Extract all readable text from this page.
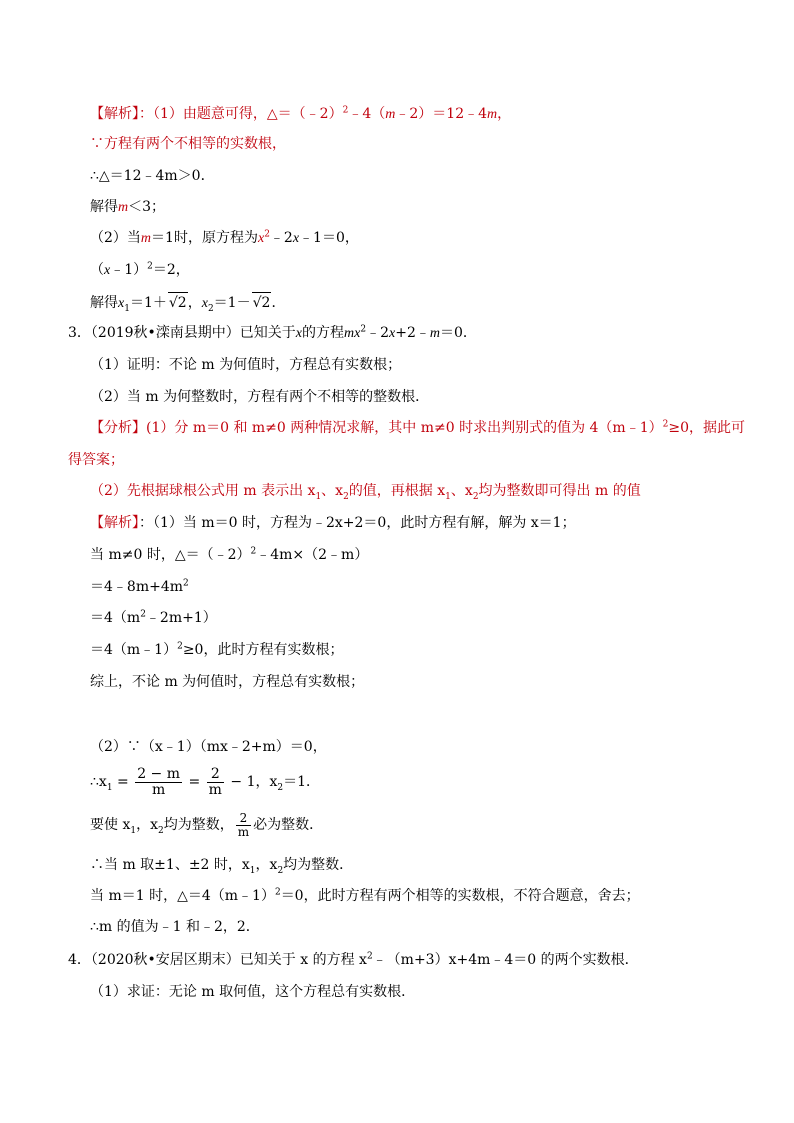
【解析】：（1）由题意可得，△＝（﹣2）$^2$﹣4（m﹣2）＝12﹣4m，
∵方程有两个不相等的实数根，
∴△＝12﹣4m＞0．
解得m＜3；
（2）当m＝1时，原方程为$x^2﹣2x﹣1=0$，
（x﹣1）$^2$＝2，
解得$x_1=1+ √2$，$x_2=1- √2$．
3．（2019秋•滦南县期中）已知关于x的方程$mx^2﹣2x+2﹣m=0$．
（1）证明：不论 m 为何值时，方程总有实数根；
（2）当 m 为何整数时，方程有两个不相等的整数根．
【分析】(1）分 m＝0 和 m≠0 两种情况求解，其中 m≠0 时求出判别式的值为 4（m﹣1）$^2$≥0，据此可
得答案；
（2）先根据球根公式用 m 表示出 $x_1$、$x_2$的值，再根据 $x_1$、$x_2$均为整数即可得出 m 的值
【解析】：（1）当 m＝0 时，方程为﹣2x+2＝0，此时方程有解，解为 x＝1；
当 m≠0 时，△＝（﹣2）$^2$﹣4m×（2﹣m）
$=4﹣8m+4m^2$
$=4(m^2﹣2m+1)$
＝4（m﹣1）$^2$≥0，此时方程有实数根；
综上，不论 m 为何值时，方程总有实数根；
（2）∵（x﹣1）（mx﹣2+m）＝0，
$\therefore x_1 = \frac{2 - m}{m} = \frac{2}{m} - 1$，$x_2=1$．
要使 $x_1$，$x_2$均为整数， $\frac{2}{m}$ 必为整数．
∴当 m 取±1、±2 时，$x_1$，$x_2$均为整数．
当 m＝1 时，△＝4（m﹣1）$^2$＝0，此时方程有两个相等的实数根，不符合题意，舍去；
∴m 的值为﹣1 和﹣2，2．
4．（2020秋•安居区期末）已知关于 x 的方程 $x^2﹣(m+3)x+4m﹣4=0$ 的两个实数根．
（1）求证：无论 m 取何值，这个方程总有实数根．
